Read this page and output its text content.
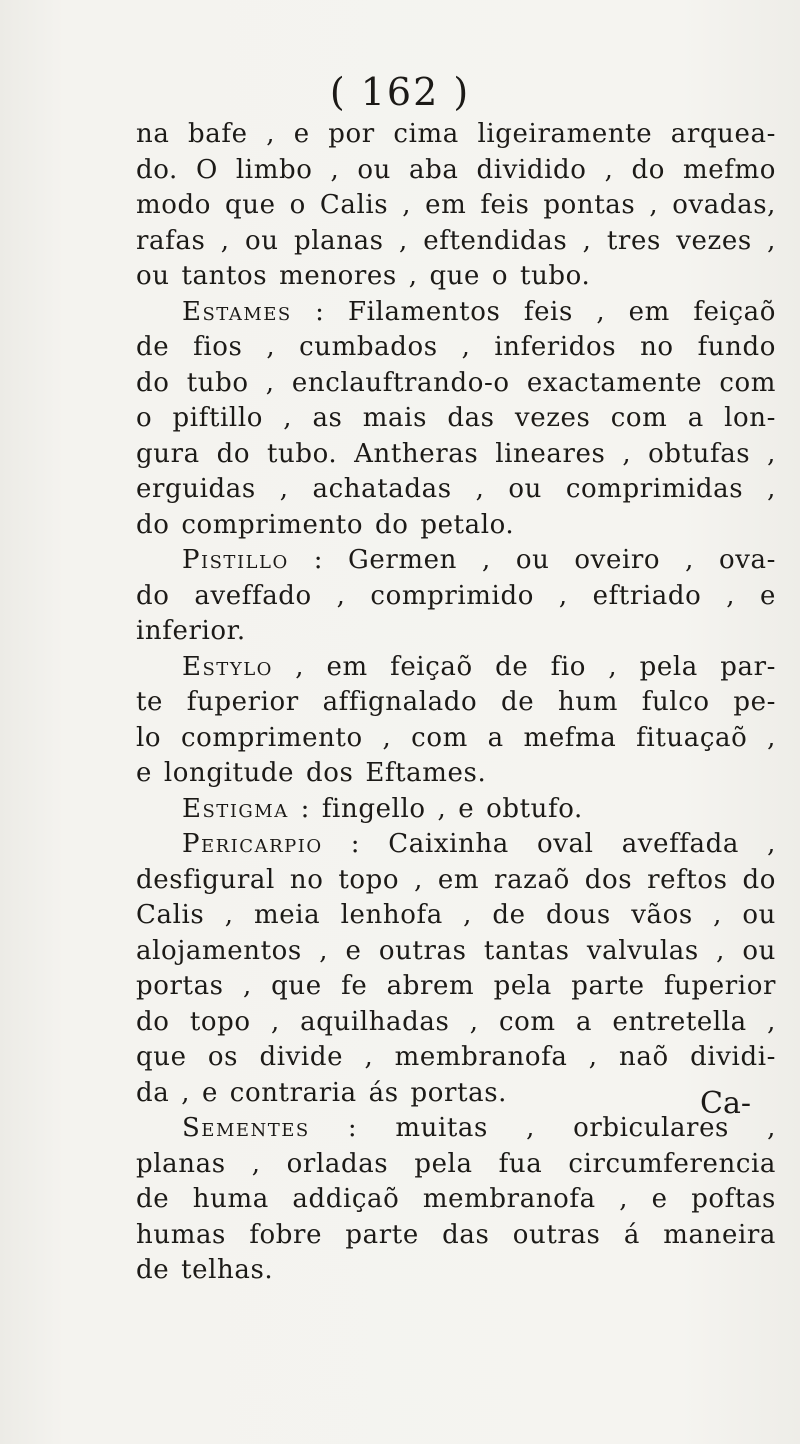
( 162 )
na bafe , e por cima ligeiramente arquea-
do. O limbo , ou aba dividido , do mefmo
modo que o Calis , em feis pontas , ovadas,
rafas , ou planas , eftendidas , tres vezes ,
ou tantos menores , que o tubo.
Estames : Filamentos feis , em feiçaõ
de fios , cumbados , inferidos no fundo
do tubo , enclauftrando-o exactamente com
o piftillo , as mais das vezes com a lon-
gura do tubo. Antheras lineares , obtufas ,
erguidas , achatadas , ou comprimidas ,
do comprimento do petalo.
Pistillo : Germen , ou oveiro , ova-
do aveffado , comprimido , eftriado , e
inferior.
Estylo , em feiçaõ de fio , pela par-
te fuperior affignalado de hum fulco pe-
lo comprimento , com a mefma fituaçaõ ,
e longitude dos Eftames.
Estigma : fingello , e obtufo.
Pericarpio : Caixinha oval aveffada ,
desfigural no topo , em razaõ dos reftos do
Calis , meia lenhofa , de dous vãos , ou
alojamentos , e outras tantas valvulas , ou
portas , que fe abrem pela parte fuperior
do topo , aquilhadas , com a entretella ,
que os divide , membranofa , naõ dividi-
da , e contraria ás portas.
Sementes : muitas , orbiculares ,
planas , orladas pela fua circumferencia
de huma addiçaõ membranofa , e poftas
humas fobre parte das outras á maneira
de telhas.
Ca-
